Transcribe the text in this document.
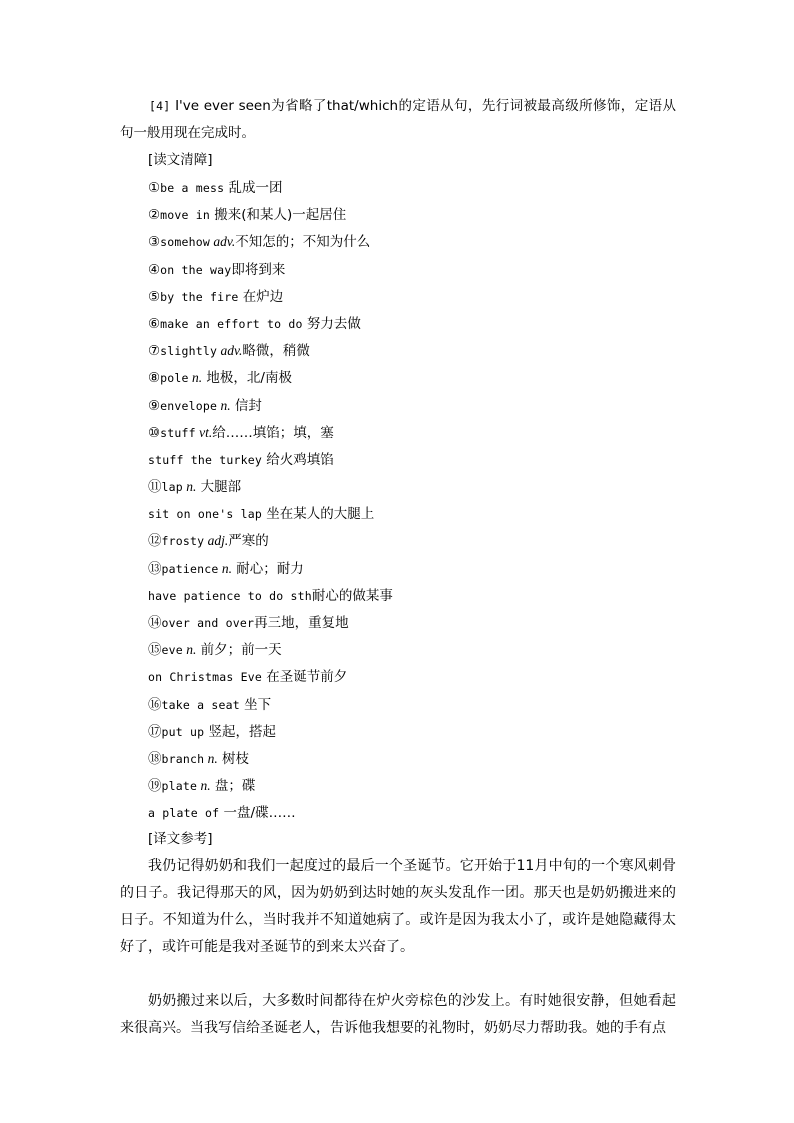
[4] I've ever seen为省略了that/which的定语从句，先行词被最高级所修饰，定语从句一般用现在完成时。

[读文清障]

①be a mess 乱成一团
②move in 搬来(和某人)一起居住
③somehow adv.不知怎的；不知为什么
④on the way即将到来
⑤by the fire 在炉边
⑥make an effort to do 努力去做
⑦slightly adv.略微，稍微
⑧pole n. 地极，北/南极
⑨envelope n. 信封
⑩stuff vt.给……填馅；填，塞
stuff the turkey 给火鸡填馅
⑪lap n. 大腿部
sit on one's lap 坐在某人的大腿上
⑫frosty adj.严寒的
⑬patience n. 耐心；耐力
have patience to do sth耐心的做某事
⑭over and over再三地，重复地
⑮eve n. 前夕；前一天
on Christmas Eve 在圣诞节前夕
⑯take a seat 坐下
⑰put up 竖起，搭起
⑱branch n. 树枝
⑲plate n. 盘；碟
a plate of 一盘/碟……

[译文参考]

我仍记得奶奶和我们一起度过的最后一个圣诞节。它开始于11月中旬的一个寒风刺骨的日子。我记得那天的风，因为奶奶到达时她的灰头发乱作一团。那天也是奶奶搬进来的日子。不知道为什么，当时我并不知道她病了。或许是因为我太小了，或许是她隐藏得太好了，或许可能是我对圣诞节的到来太兴奋了。

奶奶搬过来以后，大多数时间都待在炉火旁棕色的沙发上。有时她很安静，但她看起来很高兴。当我写信给圣诞老人，告诉他我想要的礼物时，奶奶尽力帮助我。她的手有点
